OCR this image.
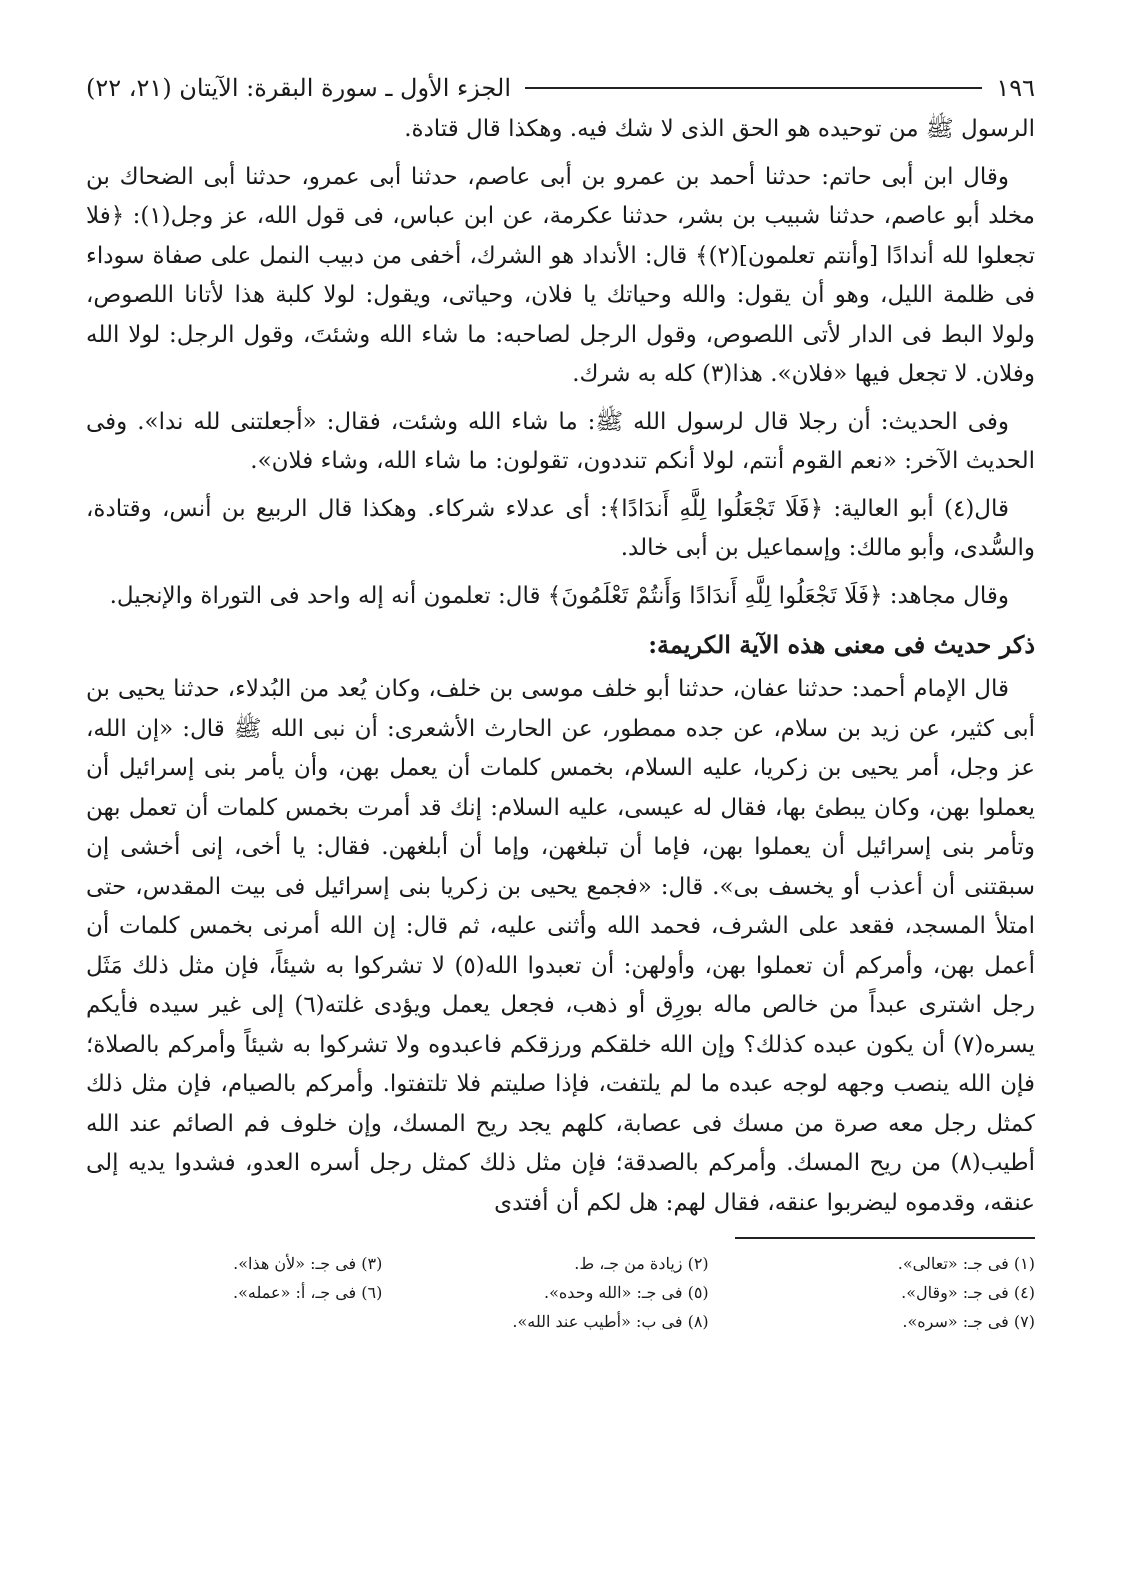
١٩٦
الجزء الأول ـ سورة البقرة: الآيتان (٢١، ٢٢)

الرسول ﷺ من توحيده هو الحق الذى لا شك فيه. وهكذا قال قتادة.

وقال ابن أبى حاتم: حدثنا أحمد بن عمرو بن أبى عاصم، حدثنا أبى عمرو، حدثنا أبى الضحاك بن مخلد أبو عاصم، حدثنا شبيب بن بشر، حدثنا عكرمة، عن ابن عباس، فى قول الله، عز وجل(١): ﴿فلا تجعلوا لله أندادًا [وأنتم تعلمون](٢)﴾ قال: الأنداد هو الشرك، أخفى من دبيب النمل على صفاة سوداء فى ظلمة الليل، وهو أن يقول: والله وحياتك يا فلان، وحياتى، ويقول: لولا كلبة هذا لأتانا اللصوص، ولولا البط فى الدار لأتى اللصوص، وقول الرجل لصاحبه: ما شاء الله وشئتَ، وقول الرجل: لولا الله وفلان. لا تجعل فيها «فلان». هذا(٣) كله به شرك.

وفى الحديث: أن رجلا قال لرسول الله ﷺ: ما شاء الله وشئت، فقال: «أجعلتنى لله ندا». وفى الحديث الآخر: «نعم القوم أنتم، لولا أنكم تنددون، تقولون: ما شاء الله، وشاء فلان».

قال(٤) أبو العالية: ﴿فَلَا تَجْعَلُوا لِلَّهِ أَندَادًا﴾: أى عدلاء شركاء. وهكذا قال الربيع بن أنس، وقتادة، والسُّدى، وأبو مالك: وإسماعيل بن أبى خالد.

وقال مجاهد: ﴿فَلَا تَجْعَلُوا لِلَّهِ أَندَادًا وَأَنتُمْ تَعْلَمُونَ﴾ قال: تعلمون أنه إله واحد فى التوراة والإنجيل.

ذكر حديث فى معنى هذه الآية الكريمة:

قال الإمام أحمد: حدثنا عفان، حدثنا أبو خلف موسى بن خلف، وكان يُعد من البُدلاء، حدثنا يحيى بن أبى كثير، عن زيد بن سلام، عن جده ممطور، عن الحارث الأشعرى: أن نبى الله ﷺ قال: «إن الله، عز وجل، أمر يحيى بن زكريا، عليه السلام، بخمس كلمات أن يعمل بهن، وأن يأمر بنى إسرائيل أن يعملوا بهن، وكان يبطئ بها، فقال له عيسى، عليه السلام: إنك قد أمرت بخمس كلمات أن تعمل بهن وتأمر بنى إسرائيل أن يعملوا بهن، فإما أن تبلغهن، وإما أن أبلغهن. فقال: يا أخى، إنى أخشى إن سبقتنى أن أعذب أو يخسف بى». قال: «فجمع يحيى بن زكريا بنى إسرائيل فى بيت المقدس، حتى امتلأ المسجد، فقعد على الشرف، فحمد الله وأثنى عليه، ثم قال: إن الله أمرنى بخمس كلمات أن أعمل بهن، وأمركم أن تعملوا بهن، وأولهن: أن تعبدوا الله(٥) لا تشركوا به شيئاً، فإن مثل ذلك مَثَل رجل اشترى عبداً من خالص ماله بورِق أو ذهب، فجعل يعمل ويؤدى غلته(٦) إلى غير سيده فأيكم يسره(٧) أن يكون عبده كذلك؟ وإن الله خلقكم ورزقكم فاعبدوه ولا تشركوا به شيئاً وأمركم بالصلاة؛ فإن الله ينصب وجهه لوجه عبده ما لم يلتفت، فإذا صليتم فلا تلتفتوا. وأمركم بالصيام، فإن مثل ذلك كمثل رجل معه صرة من مسك فى عصابة، كلهم يجد ريح المسك، وإن خلوف فم الصائم عند الله أطيب(٨) من ريح المسك. وأمركم بالصدقة؛ فإن مثل ذلك كمثل رجل أسره العدو، فشدوا يديه إلى عنقه، وقدموه ليضربوا عنقه، فقال لهم: هل لكم أن أفتدى

(١) فى جـ: «تعالى».
(٢) زيادة من جـ، ط.
(٣) فى جـ: «لأن هذا».
(٤) فى جـ: «وقال».
(٥) فى جـ: «الله وحده».
(٦) فى جـ، أ: «عمله».
(٧) فى جـ: «سره».
(٨) فى ب: «أطيب عند الله».
